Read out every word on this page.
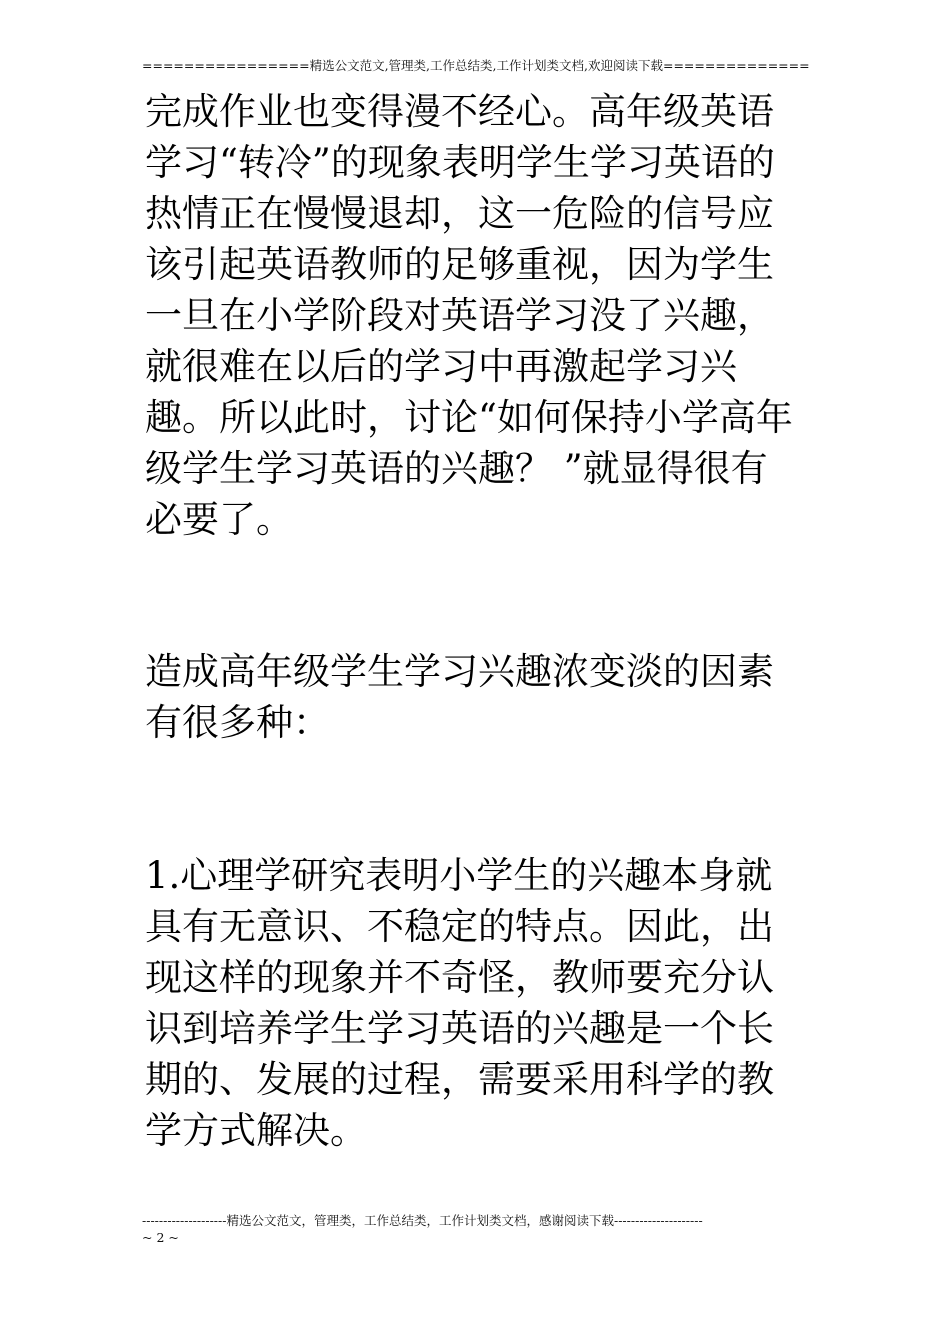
================精选公文范文,管理类,工作总结类,工作计划类文档,欢迎阅读下载==============
完成作业也变得漫不经心。高年级英语
学习“转冷”的现象表明学生学习英语的
热情正在慢慢退却，这一危险的信号应
该引起英语教师的足够重视，因为学生
一旦在小学阶段对英语学习没了兴趣，
就很难在以后的学习中再激起学习兴
趣。所以此时，讨论“如何保持小学高年
级学生学习英语的兴趣？ ”就显得很有
必要了。
造成高年级学生学习兴趣浓变淡的因素
有很多种：
1.心理学研究表明小学生的兴趣本身就
具有无意识、不稳定的特点。因此，出
现这样的现象并不奇怪，教师要充分认
识到培养学生学习英语的兴趣是一个长
期的、发展的过程，需要采用科学的教
学方式解决。
--------------------精选公文范文，管理类，工作总结类，工作计划类文档，感谢阅读下载---------------------
~ 2 ~
